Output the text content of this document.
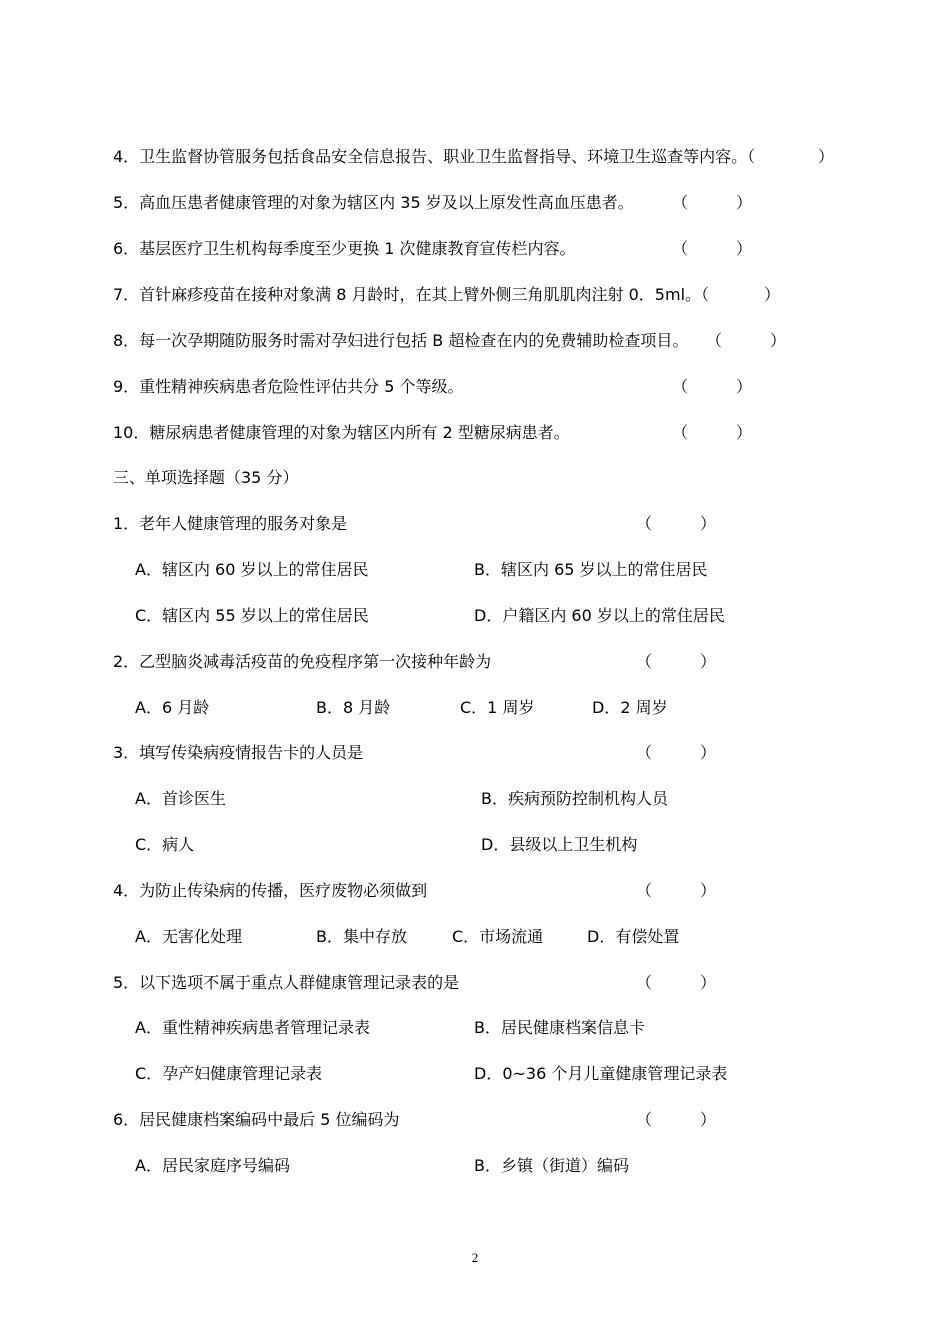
4．卫生监督协管服务包括食品安全信息报告、职业卫生监督指导、环境卫生巡查等内容。（	）
5．高血压患者健康管理的对象为辖区内 35 岁及以上原发性高血压患者。 （　　　）
6．基层医疗卫生机构每季度至少更换 1 次健康教育宣传栏内容。	（　　　）
7．首针麻疹疫苗在接种对象满 8 月龄时，在其上臂外侧三角肌肌肉注射 0．5ml。（	）
8．每一次孕期随防服务时需对孕妇进行包括 B 超检查在内的免费辅助检查项目。 （　　　）
9．重性精神疾病患者危险性评估共分 5 个等级。	（　　　）
10．糖尿病患者健康管理的对象为辖区内所有 2 型糖尿病患者。	（　　　）
三、单项选择题（35 分）
1．老年人健康管理的服务对象是	（　　　）
A．辖区内 60 岁以上的常住居民	B．辖区内 65 岁以上的常住居民
C．辖区内 55 岁以上的常住居民	D．户籍区内 60 岁以上的常住居民
2．乙型脑炎减毒活疫苗的免疫程序第一次接种年龄为	（　　　）
A．6 月龄	B．8 月龄	C．1 周岁	D．2 周岁
3．填写传染病疫情报告卡的人员是	（　　　）
A．首诊医生	B．疾病预防控制机构人员
C．病人	D．县级以上卫生机构
4．为防止传染病的传播，医疗废物必须做到	（　　　）
A．无害化处理	B．集中存放	C．市场流通	D．有偿处置
5．以下选项不属于重点人群健康管理记录表的是	（　　　）
A．重性精神疾病患者管理记录表	B．居民健康档案信息卡
C．孕产妇健康管理记录表	D．0~36 个月儿童健康管理记录表
6．居民健康档案编码中最后 5 位编码为	（　　　）
A．居民家庭序号编码	B．乡镇（街道）编码
2
